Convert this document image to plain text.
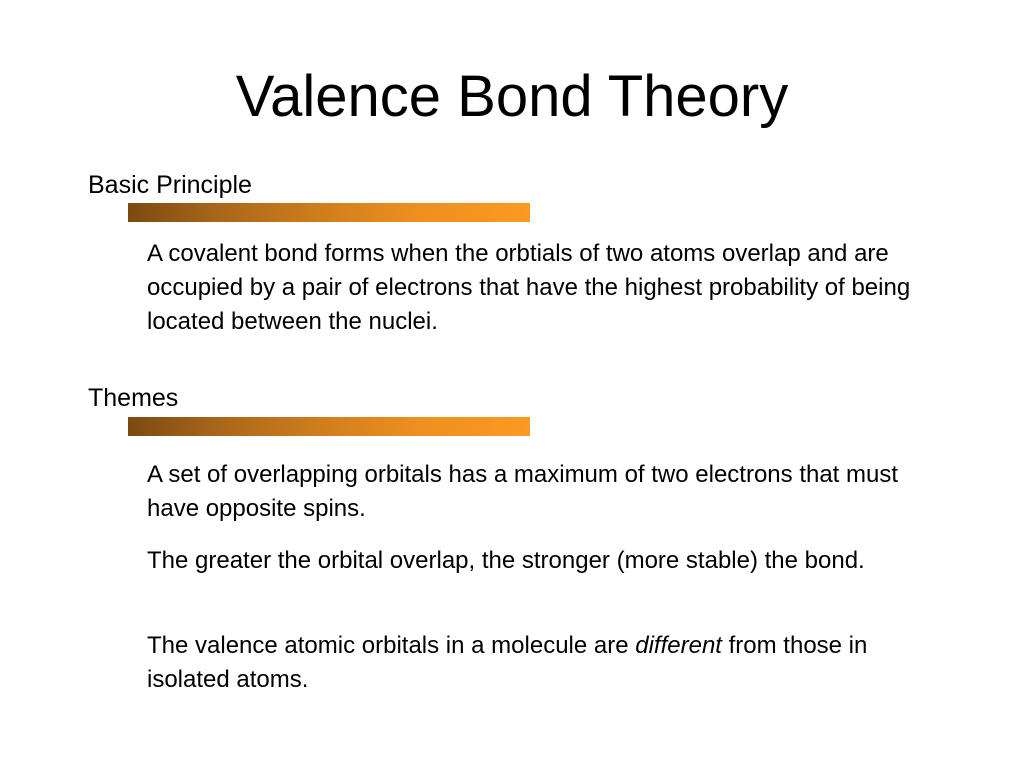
Valence Bond Theory
Basic Principle
A covalent bond forms when the orbtials of two atoms overlap and are occupied by a pair of electrons that have the highest probability of being located between the nuclei.
Themes
A set of overlapping orbitals has a maximum of two electrons that must have opposite spins.
The greater the orbital overlap, the stronger (more stable) the bond.
The valence atomic orbitals in a molecule are different from those in isolated atoms.
